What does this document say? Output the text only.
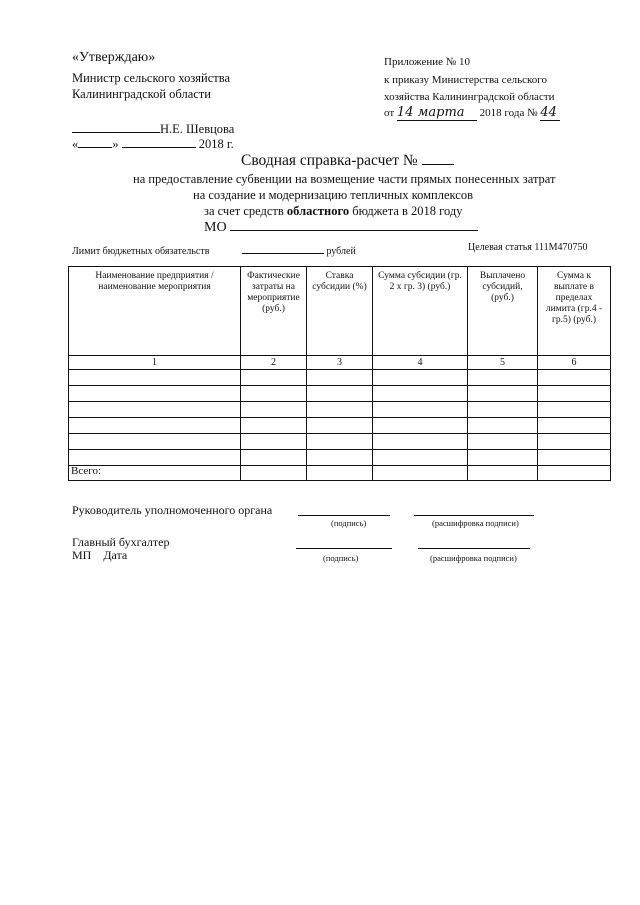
«Утверждаю»
Министр сельского хозяйства
Калининградской области
Н.Е. Шевцова
«	»	2018 г.
Приложение № 10
к приказу Министерства сельского
хозяйства Калининградской области
от 14 марта 2018 года № 44
Сводная справка-расчет №
на предоставление субвенции на возмещение части прямых понесенных затрат
на создание и модернизацию тепличных комплексов
за счет средств областного бюджета в 2018 году
МО
Лимит бюджетных обязательств	рублей	Целевая статья 111М470750
Наименование предприятия / наименование мероприятия	Фактические затраты на мероприятие (руб.)	Ставка субсидии (%)	Сумма субсидии (гр. 2 х гр. 3) (руб.)	Выплачено субсидий, (руб.)	Сумма к выплате в пределах лимита (гр.4 - гр.5) (руб.)
1	2	3	4	5	6

Всего:					
Руководитель уполномоченного органа
(подпись)	(расшифровка подписи)
Главный бухгалтер
МП Дата	(подпись)	(расшифровка подписи)
